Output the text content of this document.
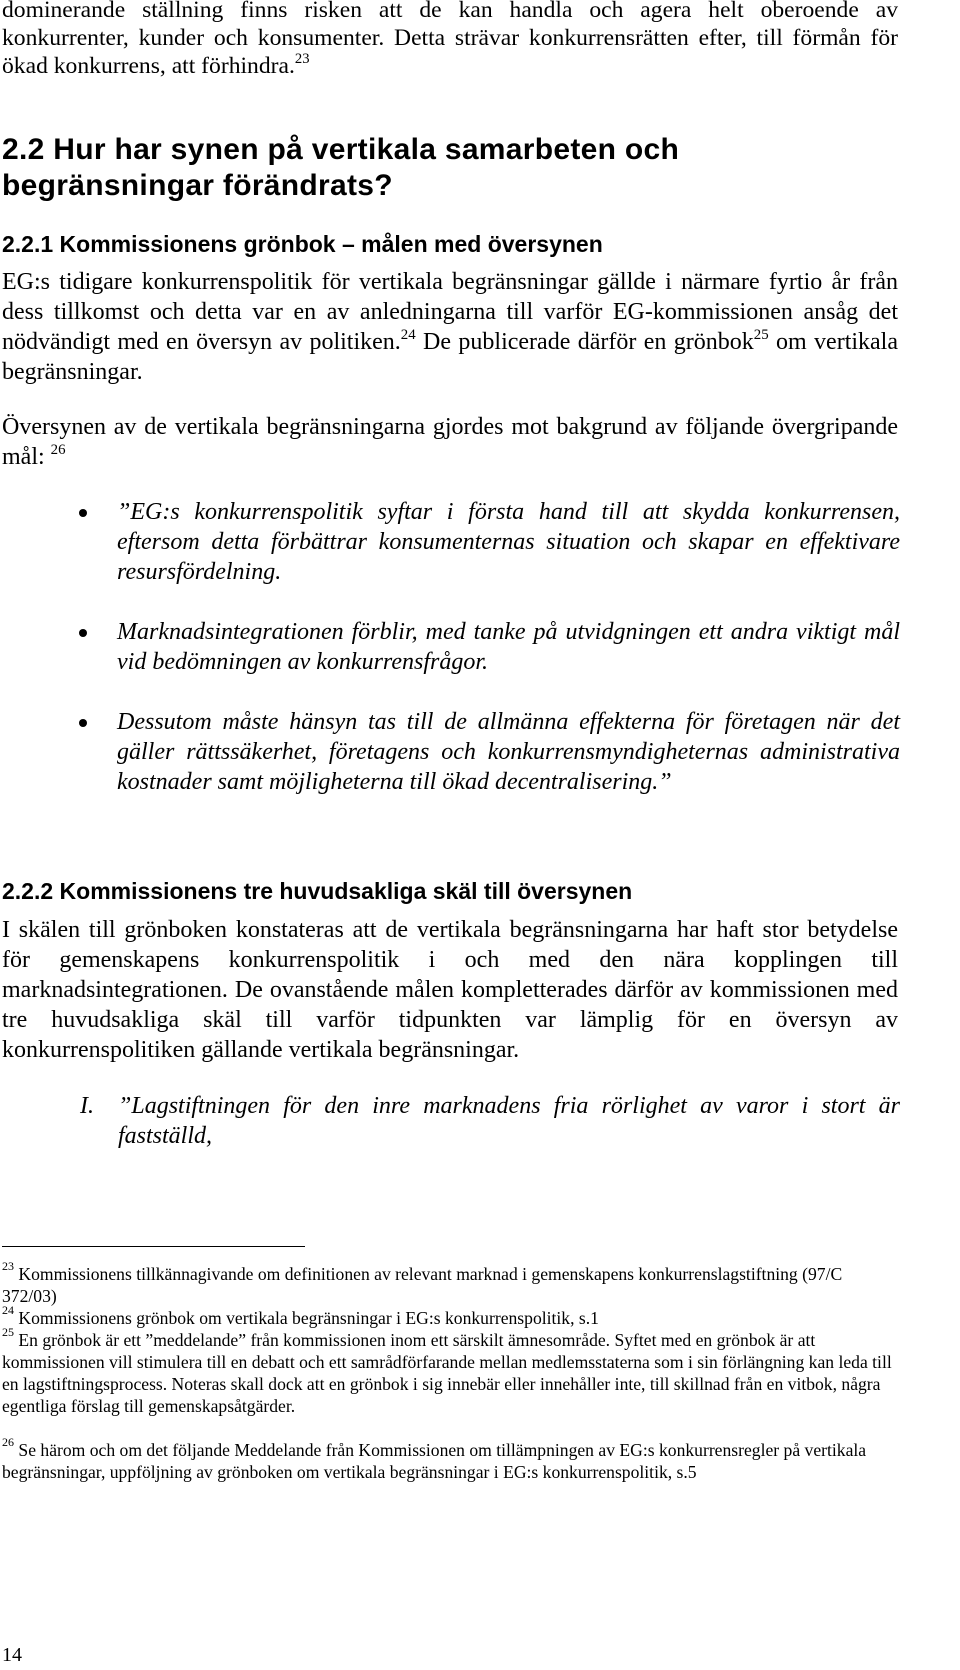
dominerande ställning finns risken att de kan handla och agera helt oberoende av konkurrenter, kunder och konsumenter. Detta strävar konkurrensrätten efter, till förmån för ökad konkurrens, att förhindra.$^{23}$
2.2 Hur har synen på vertikala samarbeten och begränsningar förändrats?
2.2.1 Kommissionens grönbok – målen med översynen
EG:s tidigare konkurrenspolitik för vertikala begränsningar gällde i närmare fyrtio år från dess tillkomst och detta var en av anledningarna till varför EG-kommissionen ansåg det nödvändigt med en översyn av politiken.$^{24}$ De publicerade därför en grönbok$^{25}$ om vertikala begränsningar.
Översynen av de vertikala begränsningarna gjordes mot bakgrund av följande övergripande mål: $^{26}$
”EG:s konkurrenspolitik syftar i första hand till att skydda konkurrensen, eftersom detta förbättrar konsumenternas situation och skapar en effektivare resursfördelning.
Marknadsintegrationen förblir, med tanke på utvidgningen ett andra viktigt mål vid bedömningen av konkurrensfrågor.
Dessutom måste hänsyn tas till de allmänna effekterna för företagen när det gäller rättssäkerhet, företagens och konkurrensmyndigheternas administrativa kostnader samt möjligheterna till ökad decentralisering.”
2.2.2 Kommissionens tre huvudsakliga skäl till översynen
I skälen till grönboken konstateras att de vertikala begränsningarna har haft stor betydelse för gemenskapens konkurrenspolitik i och med den nära kopplingen till marknadsintegrationen. De ovanstående målen kompletterades därför av kommissionen med tre huvudsakliga skäl till varför tidpunkten var lämplig för en översyn av konkurrenspolitiken gällande vertikala begränsningar.
I.	”Lagstiftningen för den inre marknadens fria rörlighet av varor i stort är fastställd,
$^{23}$ Kommissionens tillkännagivande om definitionen av relevant marknad i gemenskapens konkurrenslagstiftning (97/C 372/03)
$^{24}$ Kommissionens grönbok om vertikala begränsningar i EG:s konkurrenspolitik, s.1
$^{25}$ En grönbok är ett ”meddelande” från kommissionen inom ett särskilt ämnesområde. Syftet med en grönbok är att kommissionen vill stimulera till en debatt och ett samrådförfarande mellan medlemsstaterna som i sin förlängning kan leda till en lagstiftningsprocess. Noteras skall dock att en grönbok i sig innebär eller innehåller inte, till skillnad från en vitbok, några egentliga förslag till gemenskapsåtgärder.
$^{26}$ Se härom och om det följande Meddelande från Kommissionen om tillämpningen av EG:s konkurrensregler på vertikala begränsningar, uppföljning av grönboken om vertikala begränsningar i EG:s konkurrenspolitik, s.5
14
